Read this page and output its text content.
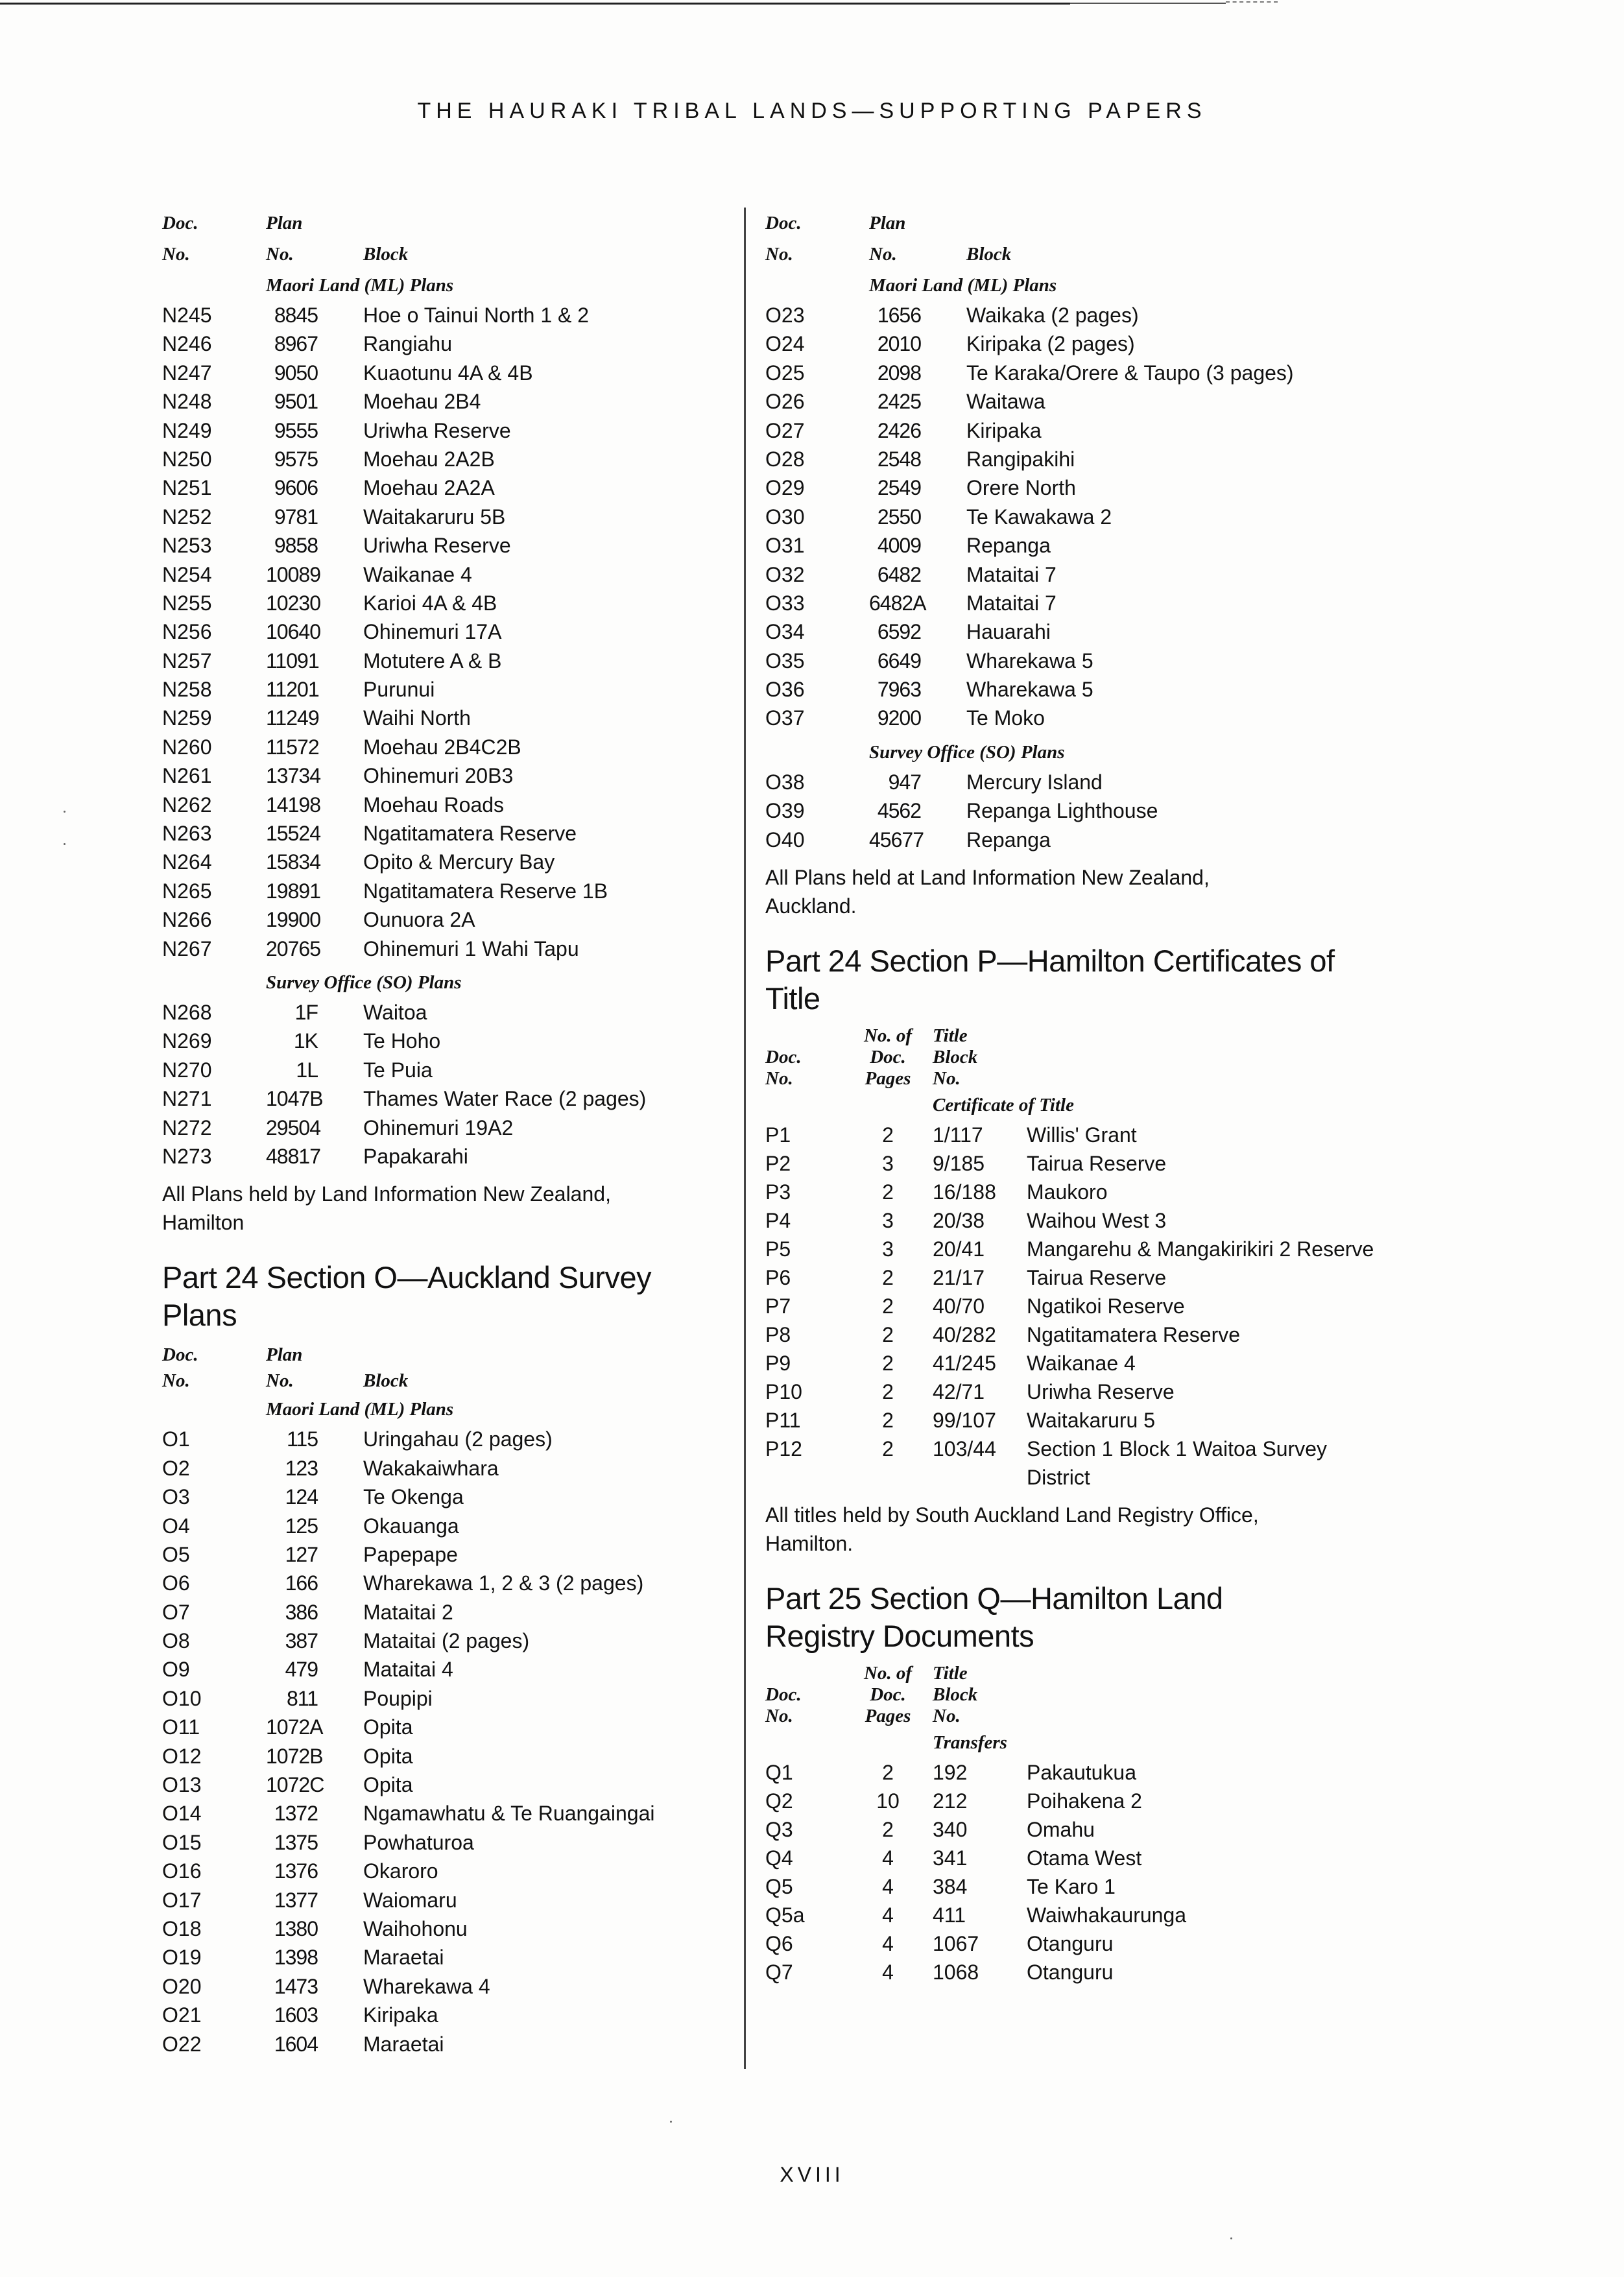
THE HAURAKI TRIBAL LANDS—SUPPORTING PAPERS
Doc.	Plan
No.	No.	Block
Maori Land (ML) Plans
N245	8845	Hoe o Tainui North 1 & 2
N246	8967	Rangiahu
N247	9050	Kuaotunu 4A & 4B
N248	9501	Moehau 2B4
N249	9555	Uriwha Reserve
N250	9575	Moehau 2A2B
N251	9606	Moehau 2A2A
N252	9781	Waitakaruru 5B
N253	9858	Uriwha Reserve
N254	10089	Waikanae 4
N255	10230	Karioi 4A & 4B
N256	10640	Ohinemuri 17A
N257	11091	Motutere A & B
N258	11201	Purunui
N259	11249	Waihi North
N260	11572	Moehau 2B4C2B
N261	13734	Ohinemuri 20B3
N262	14198	Moehau Roads
N263	15524	Ngatitamatera Reserve
N264	15834	Opito & Mercury Bay
N265	19891	Ngatitamatera Reserve 1B
N266	19900	Ounuora 2A
N267	20765	Ohinemuri 1 Wahi Tapu
Survey Office (SO) Plans
N268	1F	Waitoa
N269	1K	Te Hoho
N270	1L	Te Puia
N271	1047B	Thames Water Race (2 pages)
N272	29504	Ohinemuri 19A2
N273	48817	Papakarahi
All Plans held by Land Information New Zealand, Hamilton
Part 24 Section O—Auckland Survey Plans
Doc.	Plan
No.	No.	Block
Maori Land (ML) Plans
O1	115	Uringahau (2 pages)
O2	123	Wakakaiwhara
O3	124	Te Okenga
O4	125	Okauanga
O5	127	Papepape
O6	166	Wharekawa 1, 2 & 3 (2 pages)
O7	386	Mataitai 2
O8	387	Mataitai (2 pages)
O9	479	Mataitai 4
O10	811	Poupipi
O11	1072A	Opita
O12	1072B	Opita
O13	1072C	Opita
O14	1372	Ngamawhatu & Te Ruangaingai
O15	1375	Powhaturoa
O16	1376	Okaroro
O17	1377	Waiomaru
O18	1380	Waihohonu
O19	1398	Maraetai
O20	1473	Wharekawa 4
O21	1603	Kiripaka
O22	1604	Maraetai
Doc.	Plan
No.	No.	Block
Maori Land (ML) Plans
O23	1656	Waikaka (2 pages)
O24	2010	Kiripaka (2 pages)
O25	2098	Te Karaka/Orere & Taupo (3 pages)
O26	2425	Waitawa
O27	2426	Kiripaka
O28	2548	Rangipakihi
O29	2549	Orere North
O30	2550	Te Kawakawa 2
O31	4009	Repanga
O32	6482	Mataitai 7
O33	6482A	Mataitai 7
O34	6592	Hauarahi
O35	6649	Wharekawa 5
O36	7963	Wharekawa 5
O37	9200	Te Moko
Survey Office (SO) Plans
O38	947	Mercury Island
O39	4562	Repanga Lighthouse
O40	45677	Repanga
All Plans held at Land Information New Zealand, Auckland.
Part 24 Section P—Hamilton Certificates of Title
No. of	Title
Doc.	Doc.	Block
No.	Pages	No.
Certificate of Title
P1	2	1/117	Willis' Grant
P2	3	9/185	Tairua Reserve
P3	2	16/188	Maukoro
P4	3	20/38	Waihou West 3
P5	3	20/41	Mangarehu & Mangakirikiri 2 Reserve
P6	2	21/17	Tairua Reserve
P7	2	40/70	Ngatikoi Reserve
P8	2	40/282	Ngatitamatera Reserve
P9	2	41/245	Waikanae 4
P10	2	42/71	Uriwha Reserve
P11	2	99/107	Waitakaruru 5
P12	2	103/44	Section 1 Block 1 Waitoa Survey District
All titles held by South Auckland Land Registry Office, Hamilton.
Part 25 Section Q—Hamilton Land Registry Documents
No. of	Title
Doc.	Doc.	Block
No.	Pages	No.
Transfers
Q1	2	192	Pakautukua
Q2	10	212	Poihakena 2
Q3	2	340	Omahu
Q4	4	341	Otama West
Q5	4	384	Te Karo 1
Q5a	4	411	Waiwhakaurunga
Q6	4	1067	Otanguru
Q7	4	1068	Otanguru
XVIII
